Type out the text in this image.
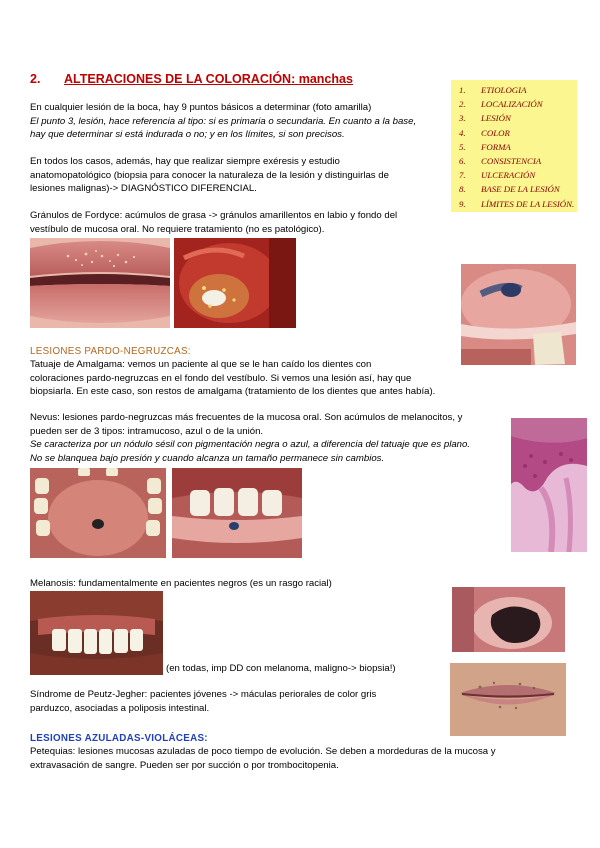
2. ALTERACIONES DE LA COLORACIÓN: manchas
1.	ETIOLOGIA
2.	LOCALIZACIÓN
3.	LESIÓN
4.	COLOR
5.	FORMA
6.	CONSISTENCIA
7.	ULCERACIÓN
8.	BASE DE LA LESIÓN
9.	LÍMITES DE LA LESIÓN.
En cualquier lesión de la boca, hay 9 puntos básicos a determinar (foto amarilla)
El punto 3, lesión, hace referencia al tipo: si es primaria o secundaria. En cuanto a la base,
hay que determinar si está indurada o no; y en los límites, si son precisos.
En todos los casos, además, hay que realizar siempre exéresis y estudio
anatomopatológico (biopsia para conocer la naturaleza de la lesión y distinguirlas de
lesiones malignas)-> DIAGNÓSTICO DIFERENCIAL.
Gránulos de Fordyce: acúmulos de grasa -> gránulos amarillentos en labio y fondo del
vestíbulo de mucosa oral. No requiere tratamiento (no es patológico).
LESIONES PARDO-NEGRUZCAS:
Tatuaje de Amalgama: vemos un paciente al que se le han caído los dientes con
coloraciones pardo-negruzcas en el fondo del vestíbulo. Si vemos una lesión así, hay que
biopsiarla. En este caso, son restos de amalgama (tratamiento de los dientes que antes había).
Nevus: lesiones pardo-negruzcas más frecuentes de la mucosa oral. Son acúmulos de melanocitos, y
pueden ser de 3 tipos: intramucoso, azul o de la unión.
Se caracteriza por un nódulo sésil con pigmentación negra o azul, a diferencia del tatuaje que es plano.
No se blanquea bajo presión y cuando alcanza un tamaño permanece sin cambios.
Melanosis: fundamentalmente en pacientes negros (es un rasgo racial)
(en todas, imp DD con melanoma, maligno-> biopsia!)
Síndrome de Peutz-Jegher: pacientes jóvenes -> máculas periorales de color gris
parduzco, asociadas a poliposis intestinal.
LESIONES AZULADAS-VIOLÁCEAS:
Petequias: lesiones mucosas azuladas de poco tiempo de evolución. Se deben a mordeduras de la mucosa y
extravasación de sangre. Pueden ser por succión o por trombocitopenia.
